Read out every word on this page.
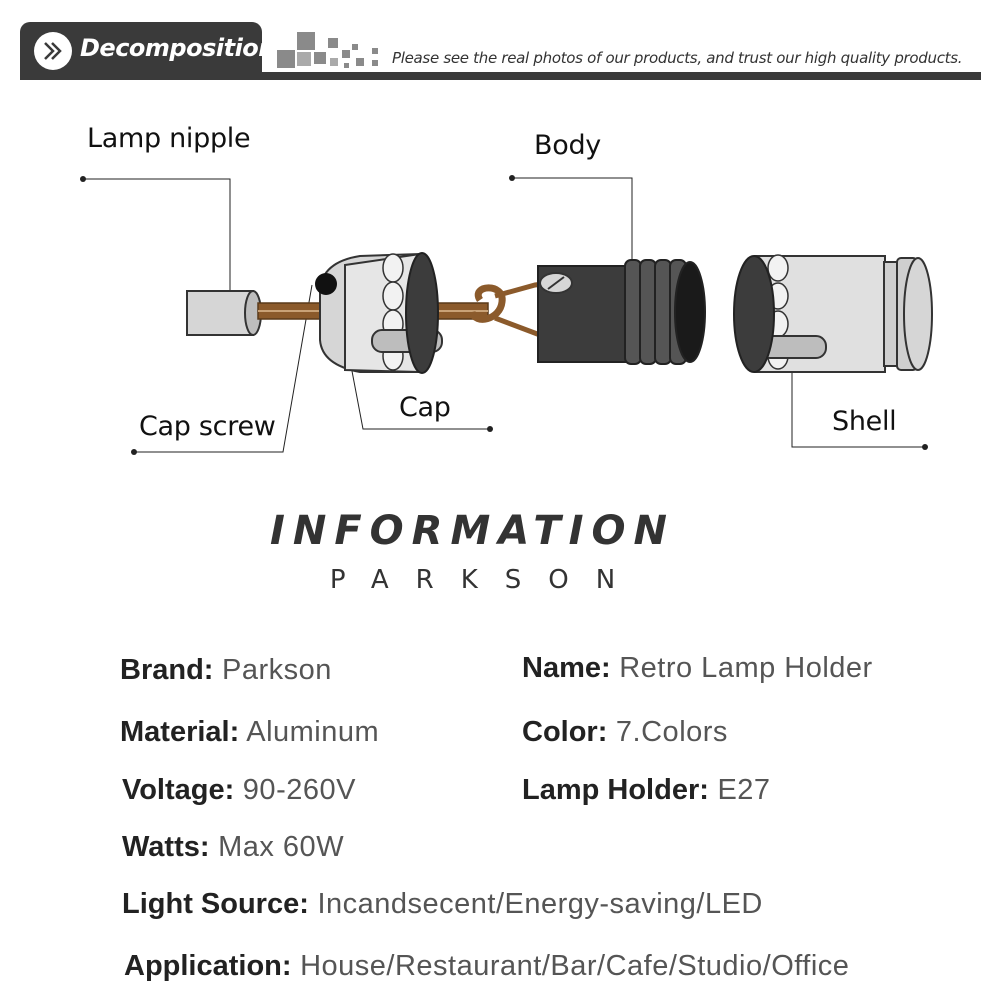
Decomposition	Please see the real photos of our products, and trust our high quality products.
Lamp nipple	Body
Cap screw
Cap	Shell
INFORMATION
PARKSON
Brand: Parkson	Name: Retro Lamp Holder
Material: Aluminum	Color: 7.Colors
Voltage: 90-260V	Lamp Holder: E27
Watts: Max 60W
Light Source: Incandsecent/Energy-saving/LED
Application: House/Restaurant/Bar/Cafe/Studio/Office
